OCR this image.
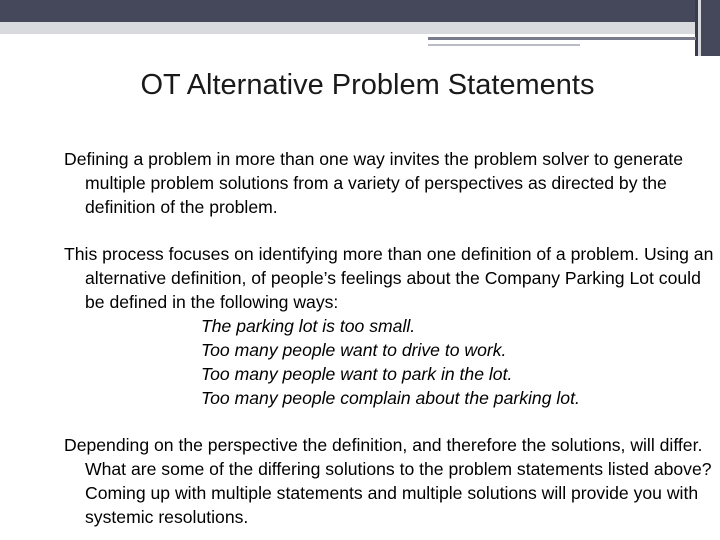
OT Alternative Problem Statements

Defining a problem in more than one way invites the problem solver to generate multiple problem solutions from a variety of perspectives as directed by the definition of the problem.

This process focuses on identifying more than one definition of a problem. Using an alternative definition, of people’s feelings about the Company Parking Lot could be defined in the following ways:
The parking lot is too small.
Too many people want to drive to work.
Too many people want to park in the lot.
Too many people complain about the parking lot.

Depending on the perspective the definition, and therefore the solutions, will differ. What are some of the differing solutions to the problem statements listed above? Coming up with multiple statements and multiple solutions will provide you with systemic resolutions.
